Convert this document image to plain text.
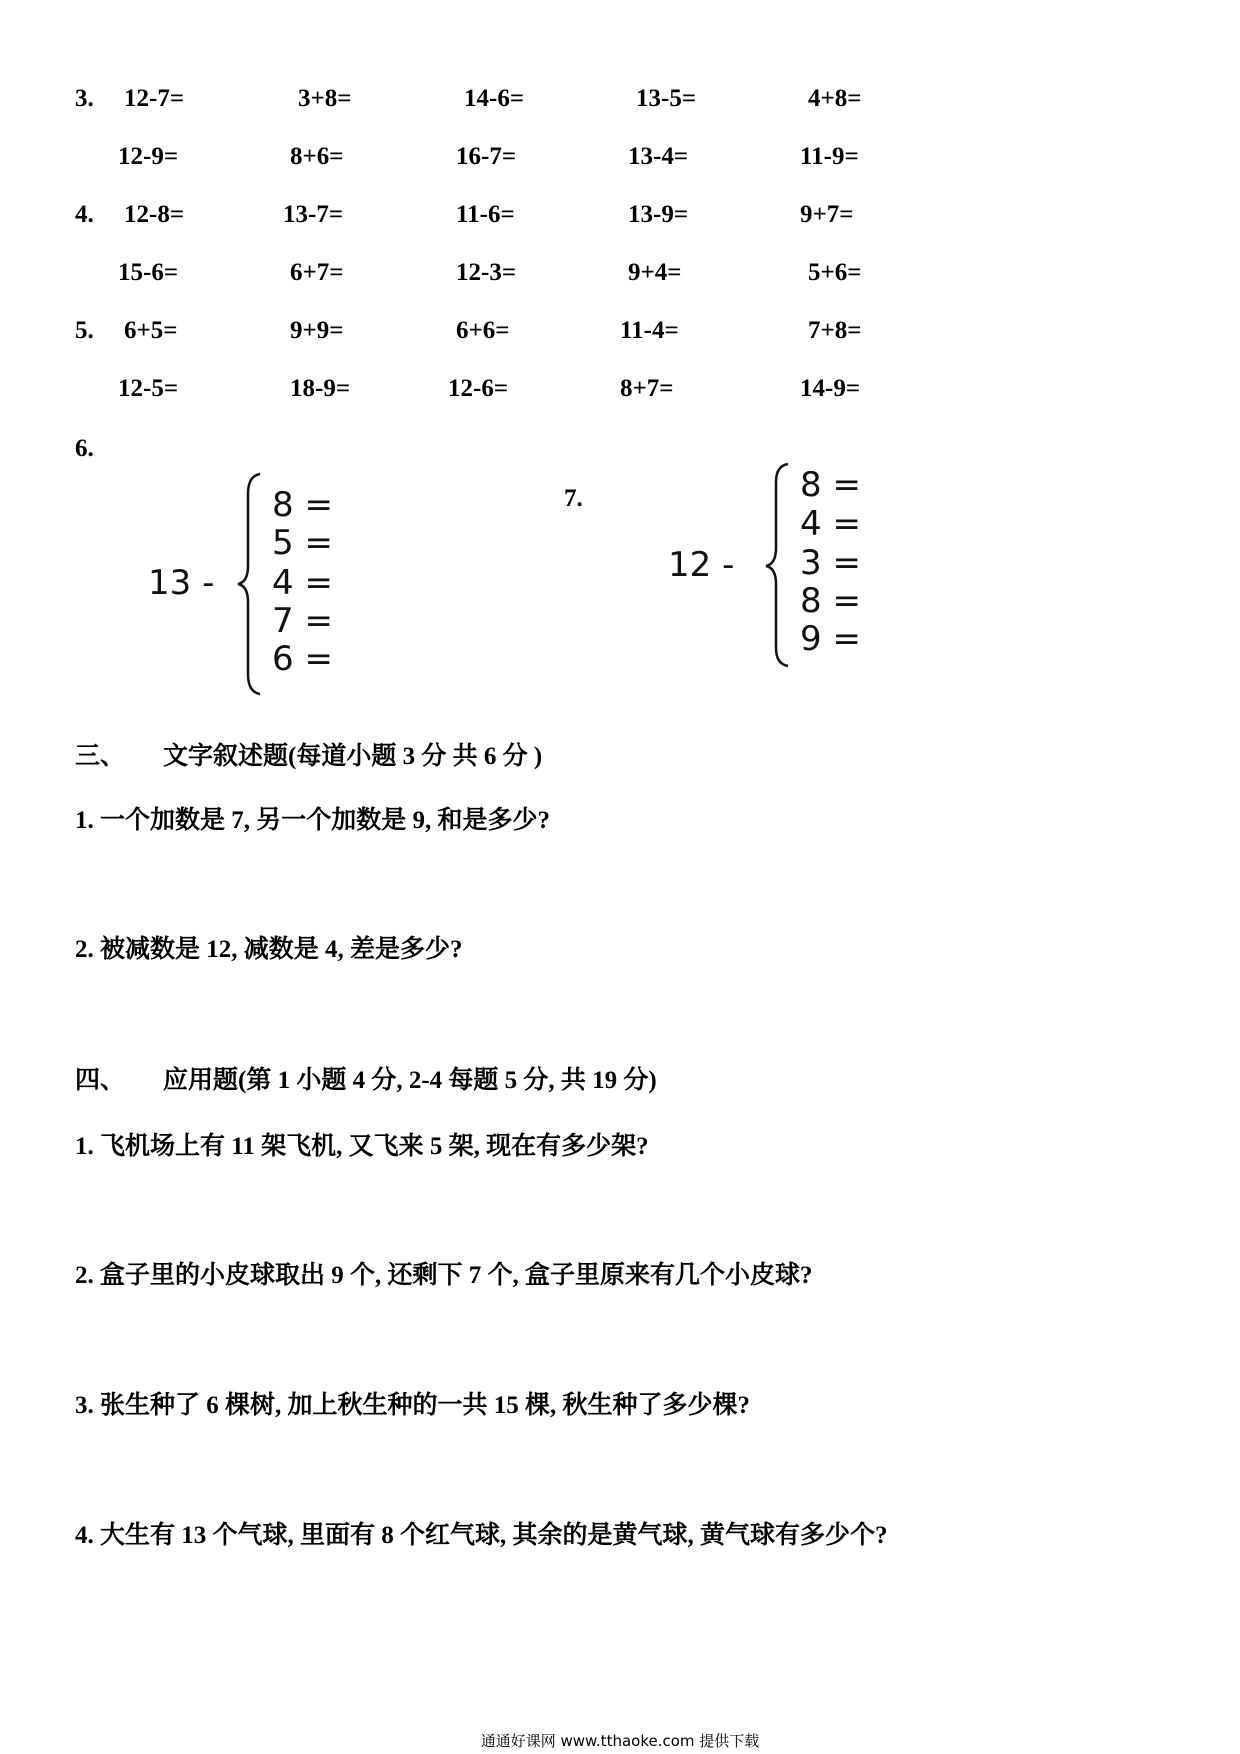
3. 12-7=	3+8=	14-6=	13-5=	4+8=
12-9=	8+6=	16-7=	13-4=	11-9=
4. 12-8=	13-7=	11-6=	13-9=	9+7=
15-6=	6+7=	12-3=	9+4=	5+6=
5. 6+5=	9+9=	6+6=	11-4=	7+8=
12-5=	18-9=	12-6=	8+7=	14-9=
6.
13 -
8 =
5 =
4 =
7 =
6 =
7.
12 -
8 =
4 =
3 =
8 =
9 =
三、 文字叙述题(每道小题 3 分 共 6 分 )
1. 一个加数是 7, 另一个加数是 9, 和是多少?
2. 被减数是 12, 减数是 4, 差是多少?
四、 应用题(第 1 小题 4 分, 2-4 每题 5 分, 共 19 分)
1. 飞机场上有 11 架飞机, 又飞来 5 架, 现在有多少架?
2. 盒子里的小皮球取出 9 个, 还剩下 7 个, 盒子里原来有几个小皮球?
3. 张生种了 6 棵树, 加上秋生种的一共 15 棵, 秋生种了多少棵?
4. 大生有 13 个气球, 里面有 8 个红气球, 其余的是黄气球, 黄气球有多少个?
通通好课网 www.tthaoke.com 提供下载
